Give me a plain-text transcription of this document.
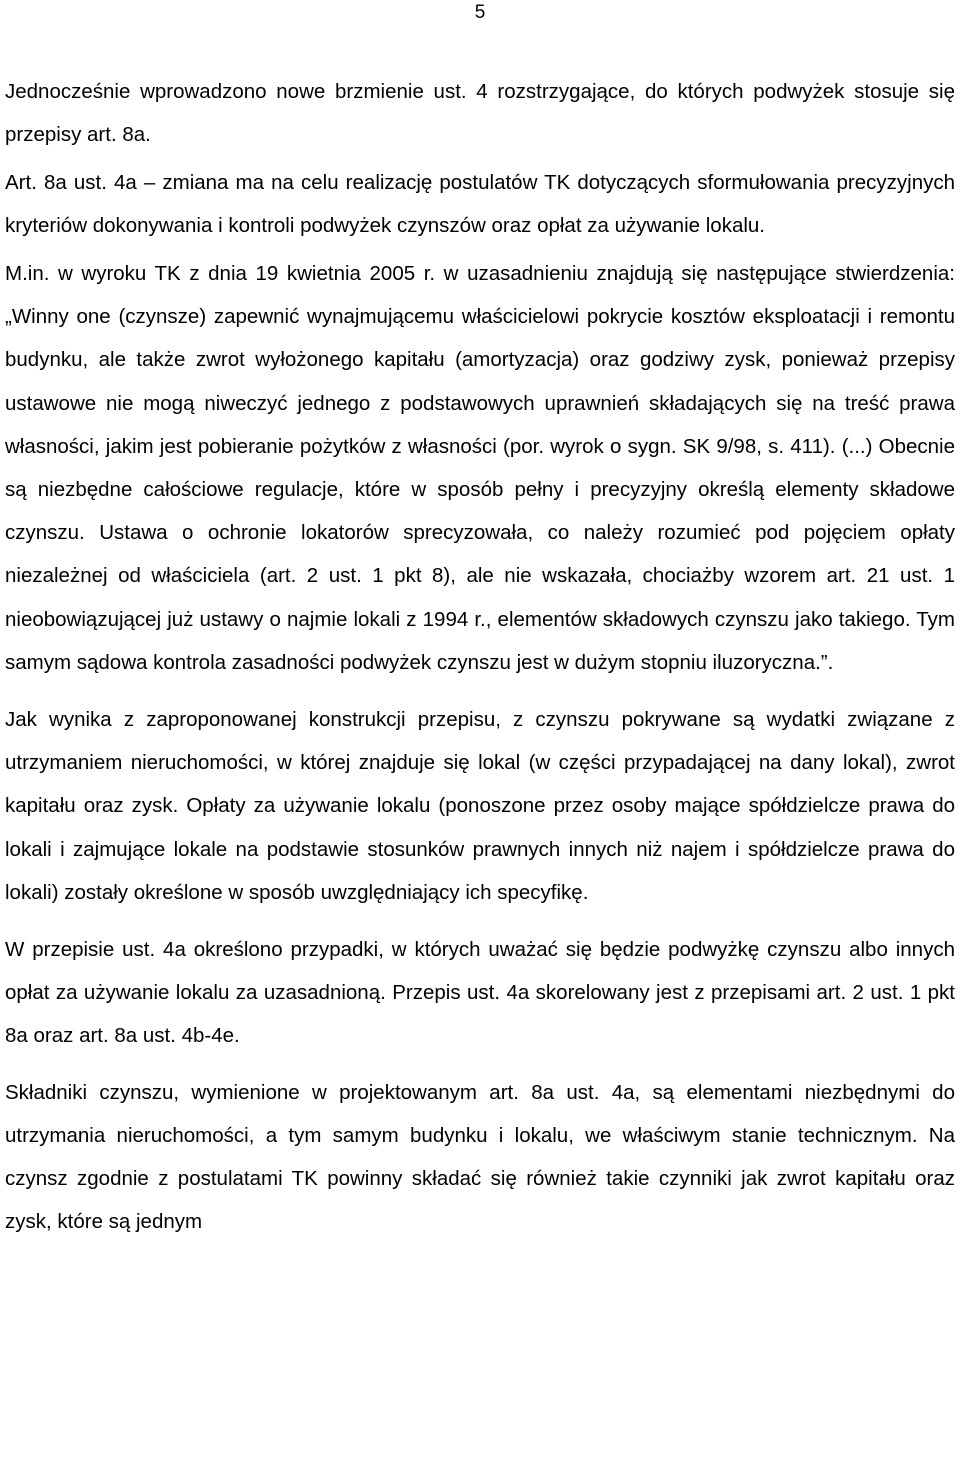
5

Jednocześnie wprowadzono nowe brzmienie ust. 4 rozstrzygające, do których podwyżek stosuje się przepisy art. 8a.

Art. 8a ust. 4a – zmiana ma na celu realizację postulatów TK dotyczących sformułowania precyzyjnych kryteriów dokonywania i kontroli podwyżek czynszów oraz opłat za używanie lokalu.

M.in. w wyroku TK z dnia 19 kwietnia 2005 r. w uzasadnieniu znajdują się następujące stwierdzenia: „Winny one (czynsze) zapewnić wynajmującemu właścicielowi pokrycie kosztów eksploatacji i remontu budynku, ale także zwrot wyłożonego kapitału (amortyzacja) oraz godziwy zysk, ponieważ przepisy ustawowe nie mogą niweczyć jednego z podstawowych uprawnień składających się na treść prawa własności, jakim jest pobieranie pożytków z własności (por. wyrok o sygn. SK 9/98, s. 411). (...) Obecnie są niezbędne całościowe regulacje, które w sposób pełny i precyzyjny określą elementy składowe czynszu. Ustawa o ochronie lokatorów sprecyzowała, co należy rozumieć pod pojęciem opłaty niezależnej od właściciela (art. 2 ust. 1 pkt 8), ale nie wskazała, chociażby wzorem art. 21 ust. 1 nieobowiązującej już ustawy o najmie lokali z 1994 r., elementów składowych czynszu jako takiego. Tym samym sądowa kontrola zasadności podwyżek czynszu jest w dużym stopniu iluzoryczna.”.

Jak wynika z zaproponowanej konstrukcji przepisu, z czynszu pokrywane są wydatki związane z utrzymaniem nieruchomości, w której znajduje się lokal (w części przypadającej na dany lokal), zwrot kapitału oraz zysk. Opłaty za używanie lokalu (ponoszone przez osoby mające spółdzielcze prawa do lokali i zajmujące lokale na podstawie stosunków prawnych innych niż najem i spółdzielcze prawa do lokali) zostały określone w sposób uwzględniający ich specyfikę.

W przepisie ust. 4a określono przypadki, w których uważać się będzie podwyżkę czynszu albo innych opłat za używanie lokalu za uzasadnioną. Przepis ust. 4a skorelowany jest z przepisami art. 2 ust. 1 pkt 8a oraz art. 8a ust. 4b-4e.

Składniki czynszu, wymienione w projektowanym art. 8a ust. 4a, są elementami niezbędnymi do utrzymania nieruchomości, a tym samym budynku i lokalu, we właściwym stanie technicznym. Na czynsz zgodnie z postulatami TK powinny składać się również takie czynniki jak zwrot kapitału oraz zysk, które są jednym
